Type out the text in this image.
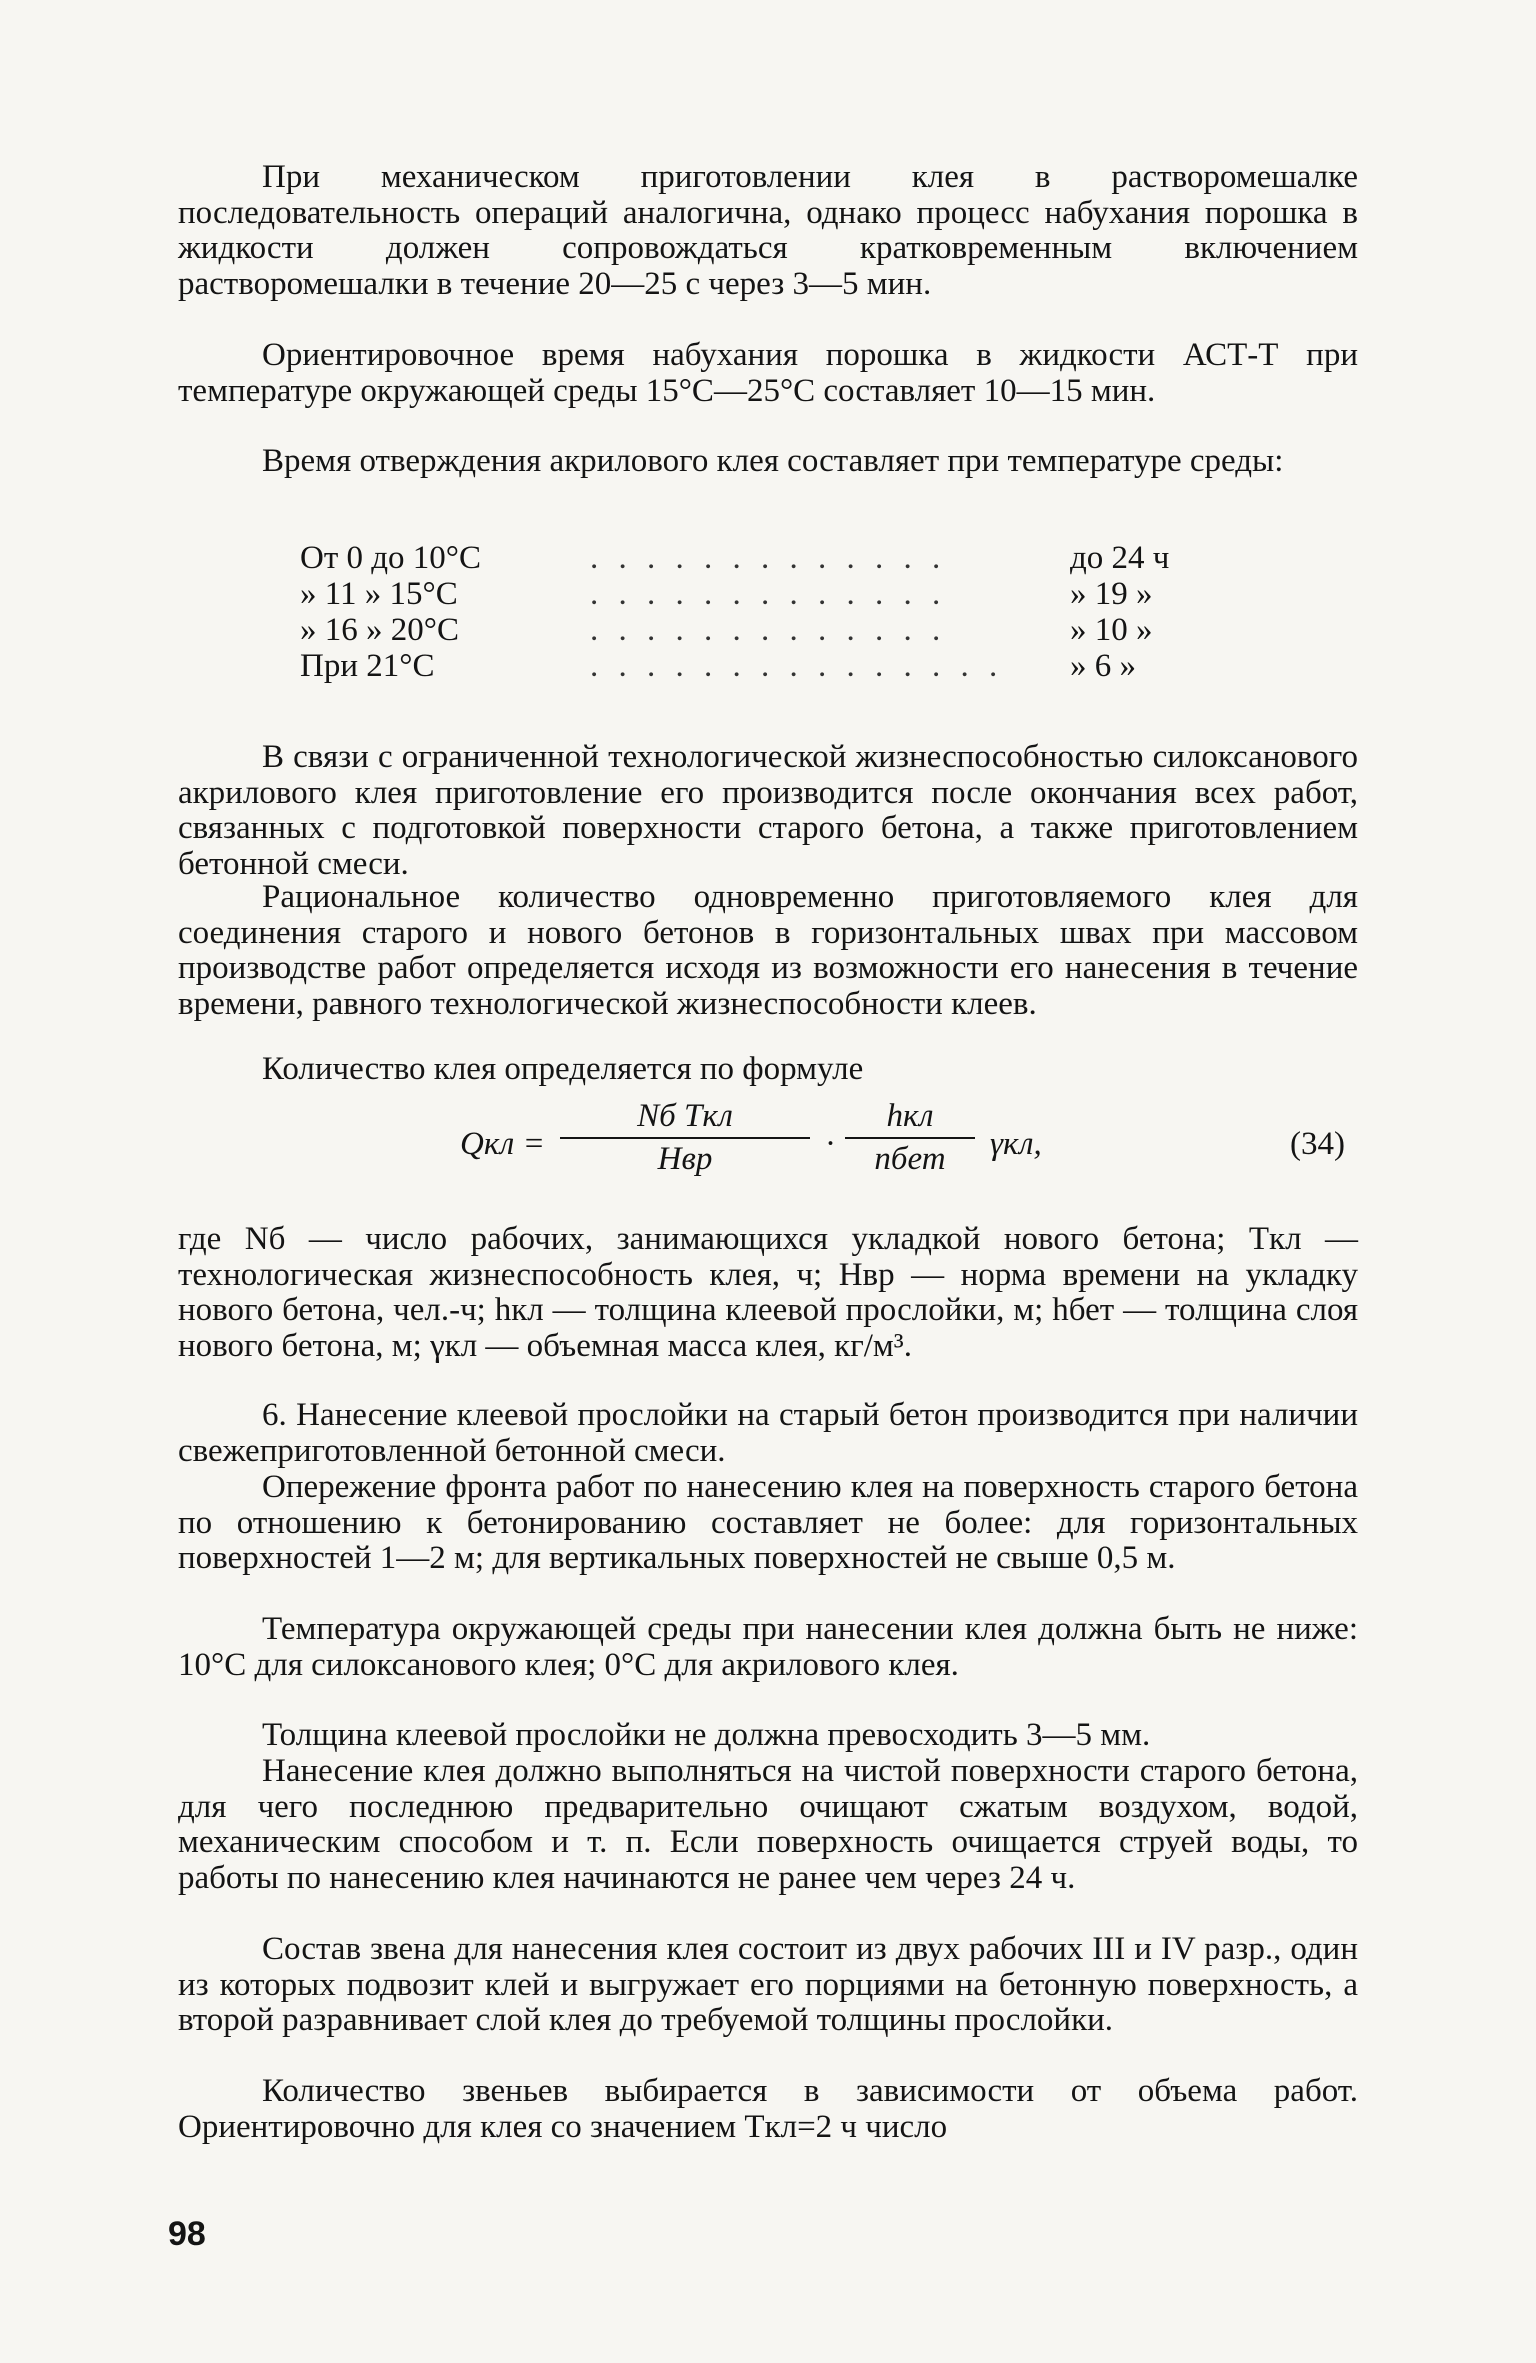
При механическом приготовлении клея в растворомешалке последовательность операций аналогична, однако процесс набухания порошка в жидкости должен сопровождаться кратковременным включением растворомешалки в течение 20—25 с через 3—5 мин.

Ориентировочное время набухания порошка в жидкости АСТ-Т при температуре окружающей среды 15°С—25°С составляет 10—15 мин.

Время отверждения акрилового клея составляет при температуре среды:

От 0 до 10°С	. . . . . . . . . . . . .	до 24 ч
» 11 » 15°С	. . . . . . . . . . . . .	» 19 »
» 16 » 20°С	. . . . . . . . . . . . .	» 10 »
При 21°С	. . . . . . . . . . . . . . .	» 6 »

В связи с ограниченной технологической жизнеспособностью силоксанового акрилового клея приготовление его производится после окончания всех работ, связанных с подготовкой поверхности старого бетона, а также приготовлением бетонной смеси.

Рациональное количество одновременно приготовляемого клея для соединения старого и нового бетонов в горизонтальных швах при массовом производстве работ определяется исходя из возможности его нанесения в течение времени, равного технологической жизнеспособности клеев.

Количество клея определяется по формуле

Qкл =
Nб Tкл
Hвр	·
hкл
nбет	γкл,	(34)

где Nб — число рабочих, занимающихся укладкой нового бетона; Tкл — технологическая жизнеспособность клея, ч; Hвр — норма времени на укладку нового бетона, чел.-ч; hкл — толщина клеевой прослойки, м; hбет — толщина слоя нового бетона, м; γкл — объемная масса клея, кг/м³.

6. Нанесение клеевой прослойки на старый бетон производится при наличии свежеприготовленной бетонной смеси.

Опережение фронта работ по нанесению клея на поверхность старого бетона по отношению к бетонированию составляет не более: для горизонтальных поверхностей 1—2 м; для вертикальных поверхностей не свыше 0,5 м.

Температура окружающей среды при нанесении клея должна быть не ниже: 10°С для силоксанового клея; 0°С для акрилового клея.

Толщина клеевой прослойки не должна превосходить 3—5 мм.

Нанесение клея должно выполняться на чистой поверхности старого бетона, для чего последнюю предварительно очищают сжатым воздухом, водой, механическим способом и т. п. Если поверхность очищается струей воды, то работы по нанесению клея начинаются не ранее чем через 24 ч.

Состав звена для нанесения клея состоит из двух рабочих III и IV разр., один из которых подвозит клей и выгружает его порциями на бетонную поверхность, а второй разравнивает слой клея до требуемой толщины прослойки.

Количество звеньев выбирается в зависимости от объема работ. Ориентировочно для клея со значением Tкл=2 ч число

98
